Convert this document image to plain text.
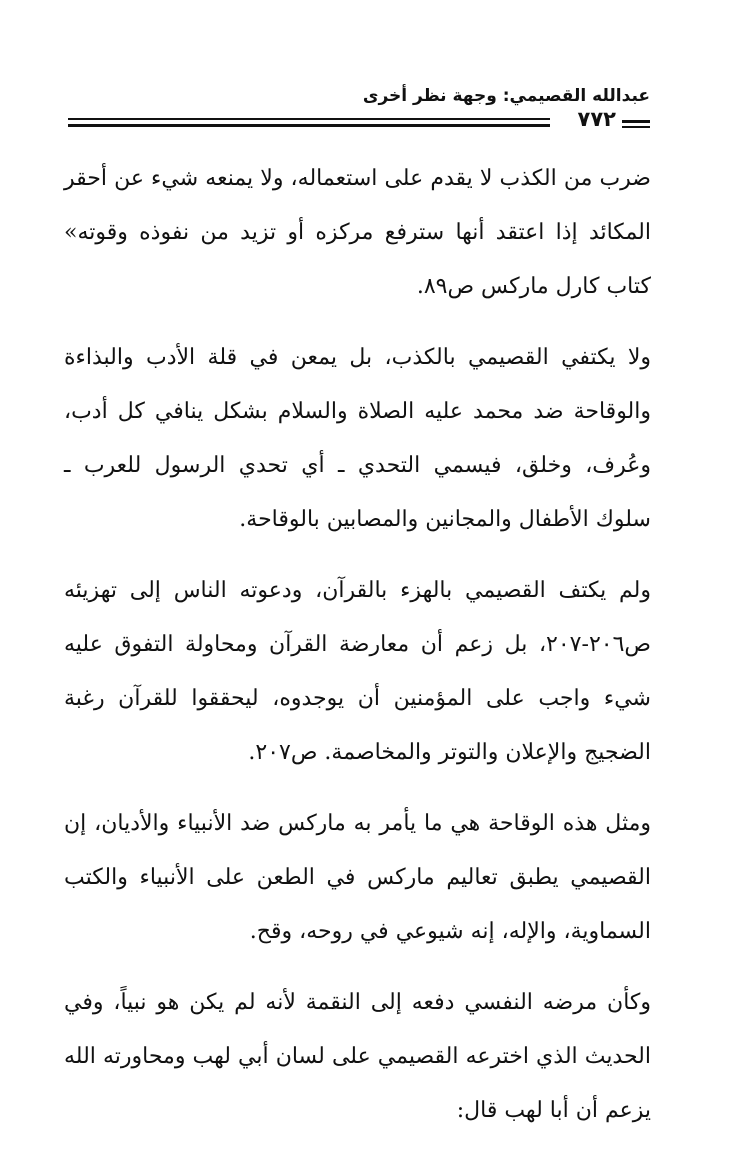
عبدالله القصيمي: وجهة نظر أخرى
٧٧٢

ضرب من الكذب لا يقدم على استعماله، ولا يمنعه شيء عن أحقر المكائد إذا اعتقد أنها سترفع مركزه أو تزيد من نفوذه وقوته» كتاب كارل ماركس ص٨٩.

ولا يكتفي القصيمي بالكذب، بل يمعن في قلة الأدب والبذاءة والوقاحة ضد محمد عليه الصلاة والسلام بشكل ينافي كل أدب، وعُرف، وخلق، فيسمي التحدي ـ أي تحدي الرسول للعرب ـ سلوك الأطفال والمجانين والمصابين بالوقاحة.

ولم يكتف القصيمي بالهزء بالقرآن، ودعوته الناس إلى تهزيئه ص٢٠٦-٢٠٧، بل زعم أن معارضة القرآن ومحاولة التفوق عليه شيء واجب على المؤمنين أن يوجدوه، ليحققوا للقرآن رغبة الضجيج والإعلان والتوتر والمخاصمة. ص٢٠٧.

ومثل هذه الوقاحة هي ما يأمر به ماركس ضد الأنبياء والأديان، إن القصيمي يطبق تعاليم ماركس في الطعن على الأنبياء والكتب السماوية، والإله، إنه شيوعي في روحه، وقح.

وكأن مرضه النفسي دفعه إلى النقمة لأنه لم يكن هو نبياً، وفي الحديث الذي اخترعه القصيمي على لسان أبي لهب ومحاورته الله يزعم أن أبا لهب قال:
